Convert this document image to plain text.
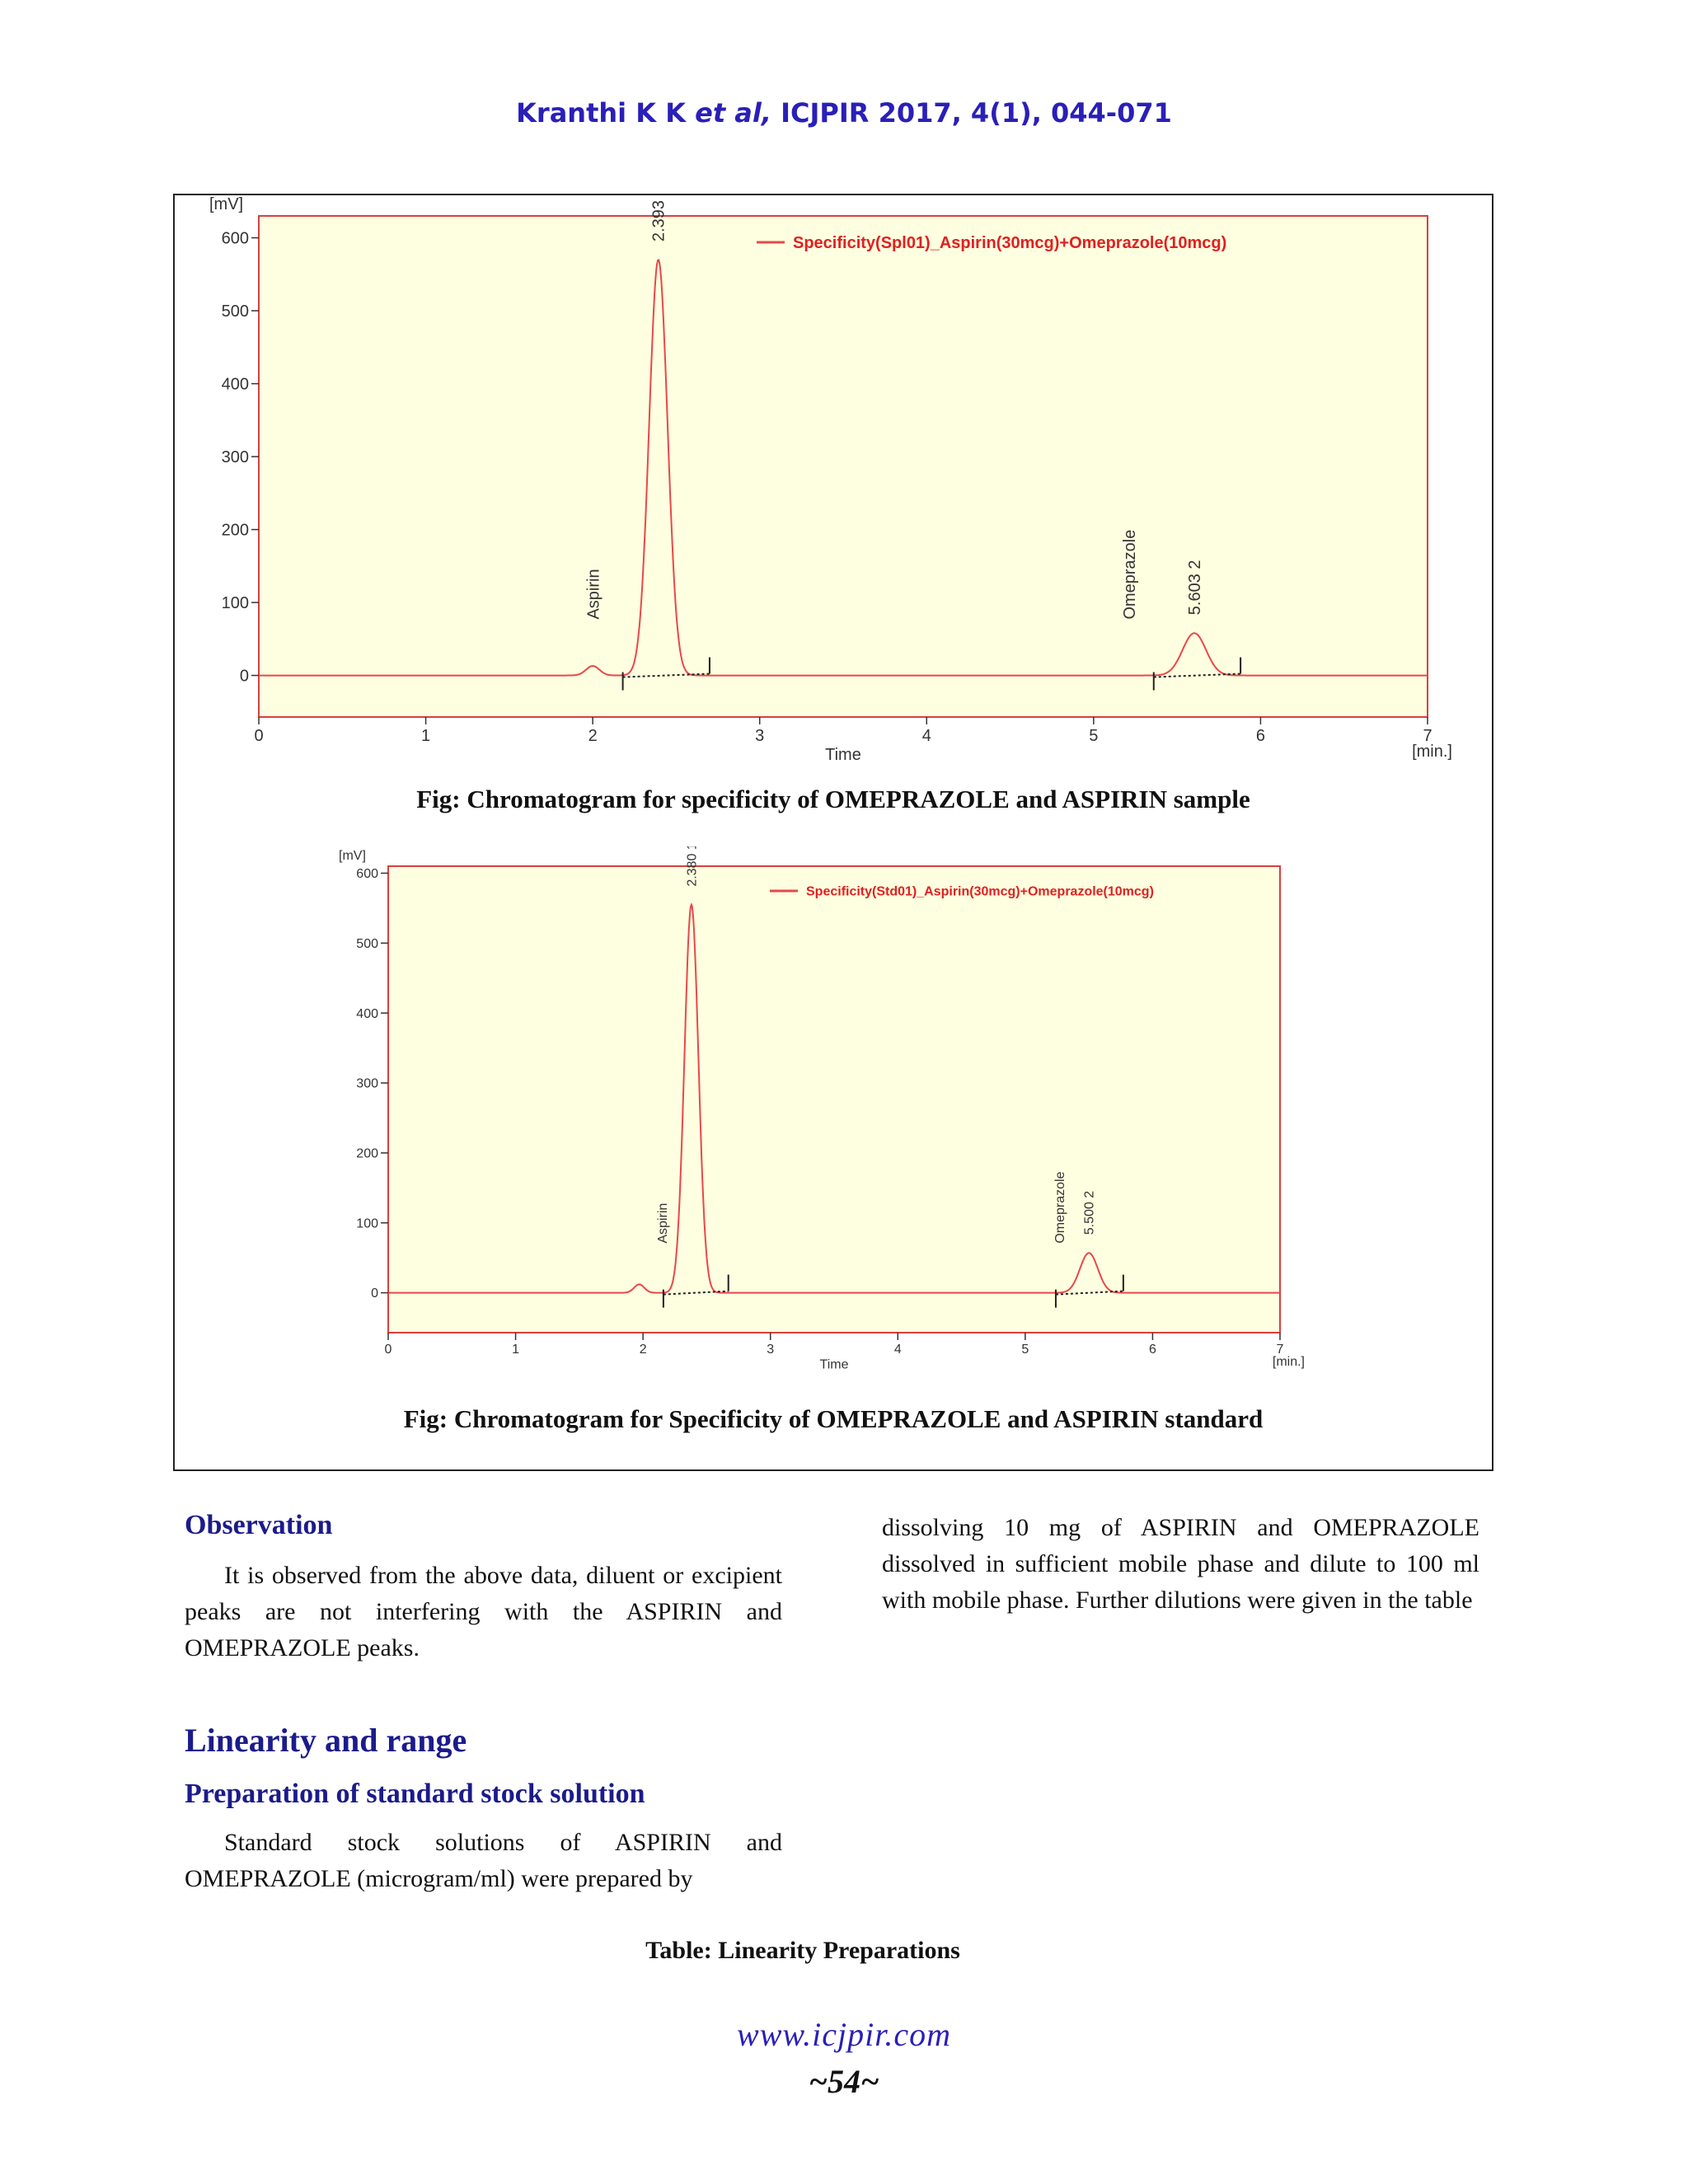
Kranthi K K et al, ICJPIR 2017, 4(1), 044-071
[mV]
0
100
200
300
400
500
600
0	1	2	3	4	5	6	7
Time	[min.]
Specificity(Spl01)_Aspirin(30mcg)+Omeprazole(10mcg)
2.393 1
Aspirin	5.603 2
Omeprazole
Fig: Chromatogram for specificity of OMEPRAZOLE and ASPIRIN sample
[mV]
0
100
200
300
400
500
600
0	1	2	3	4	5	6	7
Time	[min.]
Specificity(Std01)_Aspirin(30mcg)+Omeprazole(10mcg)
2.380 1
Aspirin	5.500 2
Omeprazole
Fig: Chromatogram for Specificity of OMEPRAZOLE and ASPIRIN standard
Observation

It is observed from the above data, diluent or excipient peaks are not interfering with the ASPIRIN and OMEPRAZOLE peaks.

Linearity and range
Preparation of standard stock solution

Standard stock solutions of ASPIRIN and OMEPRAZOLE (microgram/ml) were prepared by

dissolving 10 mg of ASPIRIN and OMEPRAZOLE dissolved in sufficient mobile phase and dilute to 100 ml with mobile phase. Further dilutions were given in the table

Table: Linearity Preparations
www.icjpir.com
~54~
